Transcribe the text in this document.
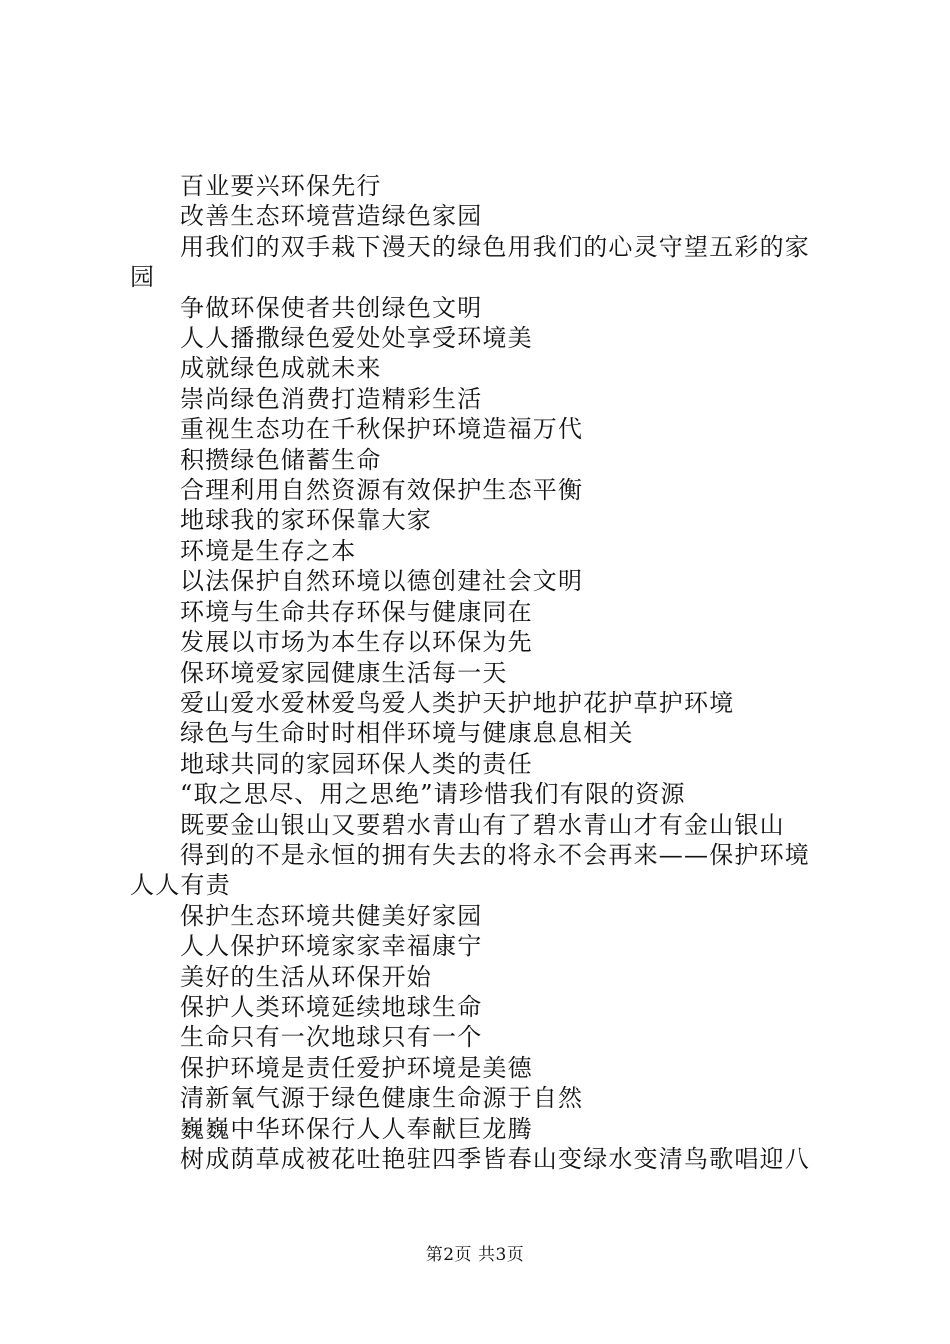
百业要兴环保先行

改善生态环境营造绿色家园

用我们的双手栽下漫天的绿色用我们的心灵守望五彩的家园

争做环保使者共创绿色文明

人人播撒绿色爱处处享受环境美

成就绿色成就未来

崇尚绿色消费打造精彩生活

重视生态功在千秋保护环境造福万代

积攒绿色储蓄生命

合理利用自然资源有效保护生态平衡

地球我的家环保靠大家

环境是生存之本

以法保护自然环境以德创建社会文明

环境与生命共存环保与健康同在

发展以市场为本生存以环保为先

保环境爱家园健康生活每一天

爱山爱水爱林爱鸟爱人类护天护地护花护草护环境

绿色与生命时时相伴环境与健康息息相关

地球共同的家园环保人类的责任

“取之思尽、用之思绝”请珍惜我们有限的资源

既要金山银山又要碧水青山有了碧水青山才有金山银山

得到的不是永恒的拥有失去的将永不会再来——保护环境人人有责

保护生态环境共健美好家园

人人保护环境家家幸福康宁

美好的生活从环保开始

保护人类环境延续地球生命

生命只有一次地球只有一个

保护环境是责任爱护环境是美德

清新氧气源于绿色健康生命源于自然

巍巍中华环保行人人奉献巨龙腾

树成荫草成被花吐艳驻四季皆春山变绿水变清鸟歌唱迎八

第2页 共3页
